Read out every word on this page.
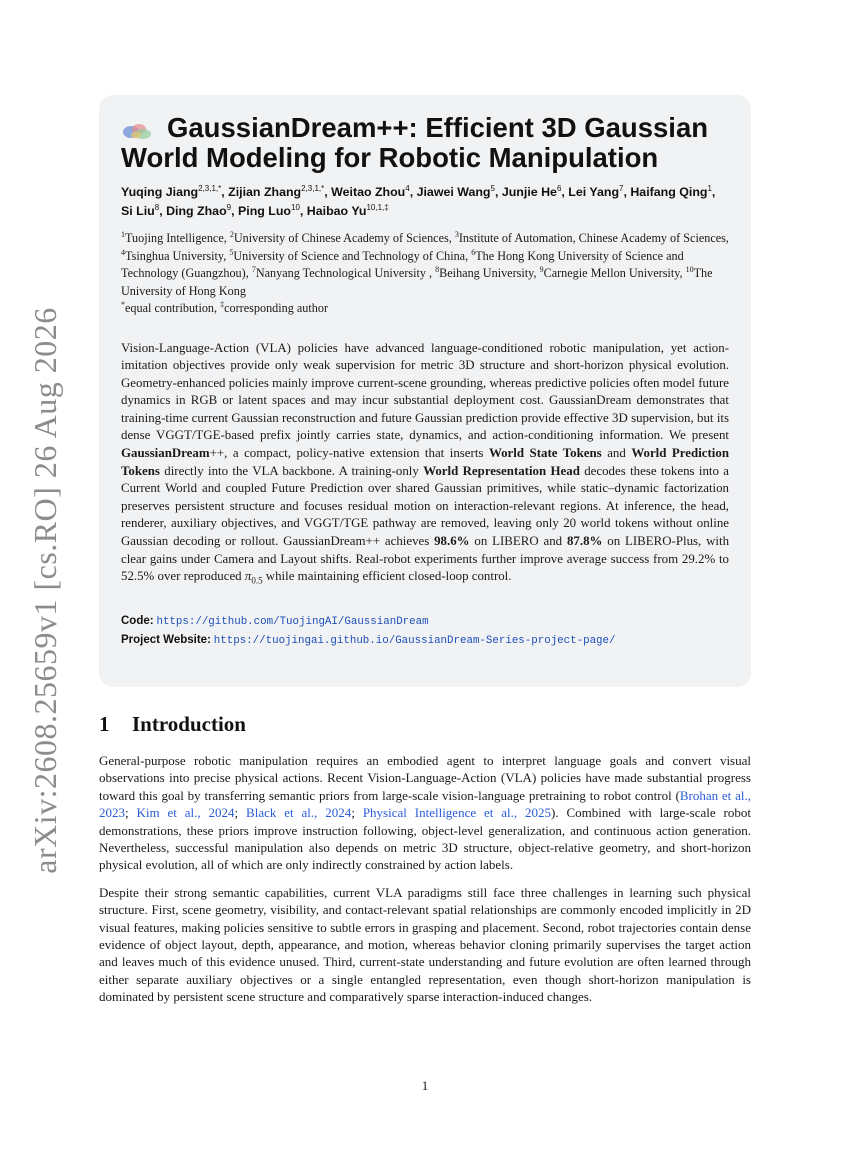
arXiv:2608.25659v1 [cs.RO] 26 Aug 2026
GaussianDream++: Efficient 3D Gaussian
World Modeling for Robotic Manipulation
Yuqing Jiang$^{2,3,1,*}$, Zijian Zhang$^{2,3,1,*}$, Weitao Zhou$^4$, Jiawei Wang$^5$, Junjie He$^6$, Lei Yang$^7$, Haifang Qing$^1$, Si Liu$^8$, Ding Zhao$^9$, Ping Luo$^{10}$, Haibao $Yu^{10,1,\ddagger}$
$^1$Tuojing Intelligence, $^2$University of Chinese Academy of Sciences, $^3$Institute of Automation, Chinese Academy of Sciences, $^4$Tsinghua University, $^5$University of Science and Technology of China, $^6$The Hong Kong University of Science and Technology (Guangzhou), $^7$Nanyang Technological University , $^8$Beihang University, $^9$Carnegie Mellon University, $^{10}$The University of Hong Kong
*equal contribution, ‡corresponding author
Vision-Language-Action (VLA) policies have advanced language-conditioned robotic manipulation, yet action-imitation objectives provide only weak supervision for metric 3D structure and short-horizon physical evolution. Geometry-enhanced policies mainly improve current-scene grounding, whereas predictive policies often model future dynamics in RGB or latent spaces and may incur substantial deployment cost. GaussianDream demonstrates that training-time current Gaussian reconstruction and future Gaussian prediction provide effective 3D supervision, but its dense VGGT/TGE-based prefix jointly carries state, dynamics, and action-conditioning information. We present GaussianDream++, a compact, policy-native extension that inserts World State Tokens and World Prediction Tokens directly into the VLA backbone. A training-only World Representation Head decodes these tokens into a Current World and coupled Future Prediction over shared Gaussian primitives, while static–dynamic factorization preserves persistent structure and focuses residual motion on interaction-relevant regions. At inference, the head, renderer, auxiliary objectives, and VGGT/TGE pathway are removed, leaving only 20 world tokens without online Gaussian decoding or rollout. GaussianDream++ achieves 98.6% on LIBERO and 87.8% on LIBERO-Plus, with clear gains under Camera and Layout shifts. Real-robot experiments further improve average success from 29.2% to 52.5% over reproduced $\pi_{0.5}$ while maintaining efficient closed-loop control.
Code: https://github.com/TuojingAI/GaussianDream
Project Website: https://tuojingai.github.io/GaussianDream-Series-project-page/
1 Introduction

General-purpose robotic manipulation requires an embodied agent to interpret language goals and convert visual observations into precise physical actions. Recent Vision-Language-Action (VLA) policies have made substantial progress toward this goal by transferring semantic priors from large-scale vision-language pretraining to robot control (Brohan et al., 2023; Kim et al., 2024; Black et al., 2024; Physical Intelligence et al., 2025). Combined with large-scale robot demonstrations, these priors improve instruction following, object-level generalization, and continuous action generation. Nevertheless, successful manipulation also depends on metric 3D structure, object-relative geometry, and short-horizon physical evolution, all of which are only indirectly constrained by action labels.

Despite their strong semantic capabilities, current VLA paradigms still face three challenges in learning such physical structure. First, scene geometry, visibility, and contact-relevant spatial relationships are commonly encoded implicitly in 2D visual features, making policies sensitive to subtle errors in grasping and placement. Second, robot trajectories contain dense evidence of object layout, depth, appearance, and motion, whereas behavior cloning primarily supervises the target action and leaves much of this evidence unused. Third, current-state understanding and future evolution are often learned through either separate auxiliary objectives or a single entangled representation, even though short-horizon manipulation is dominated by persistent scene structure and comparatively sparse interaction-induced changes.

1
